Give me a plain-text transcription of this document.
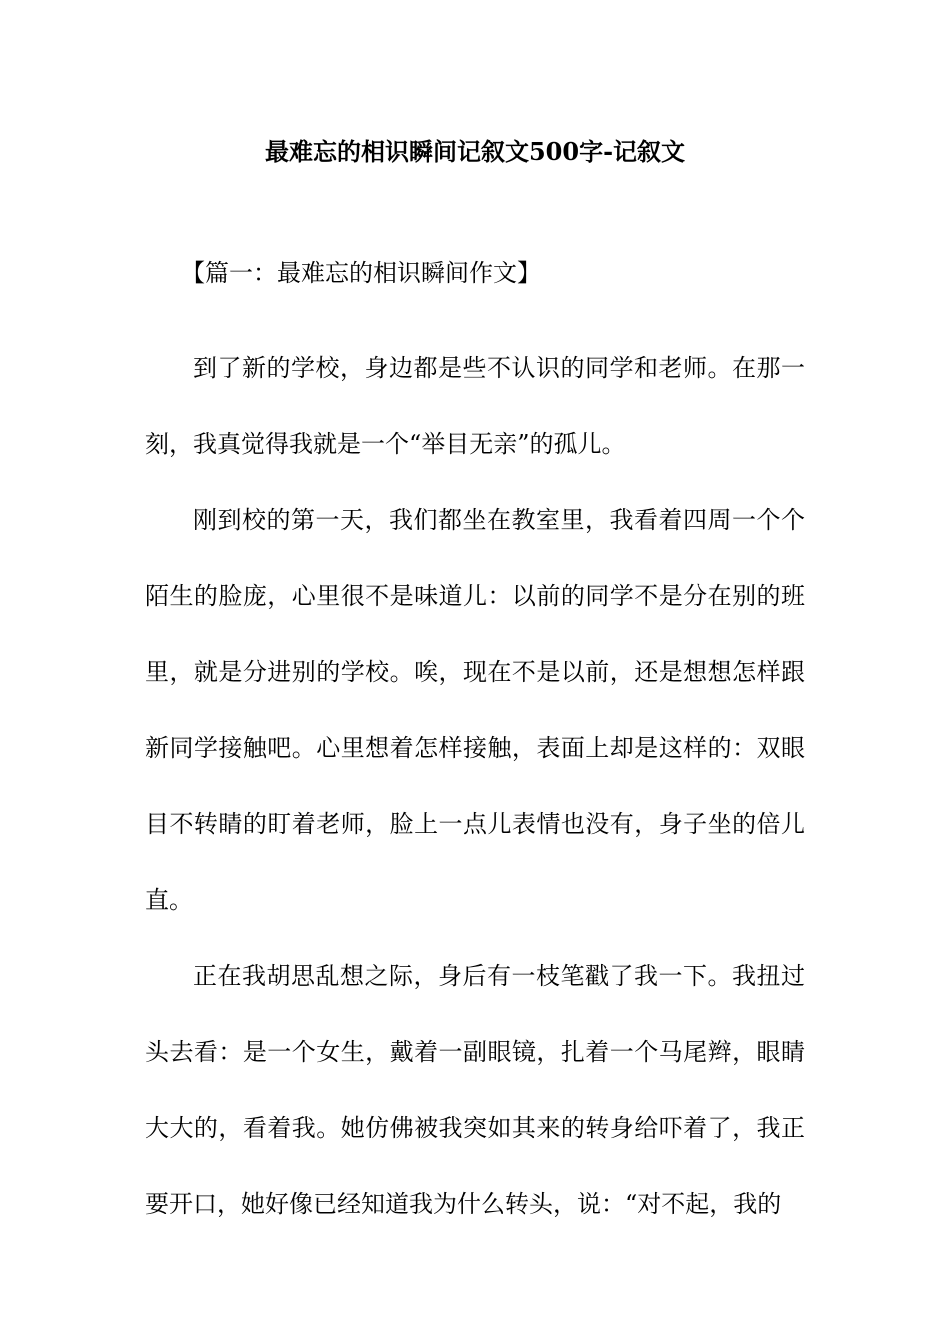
最难忘的相识瞬间记叙文500字-记叙文
【篇一：最难忘的相识瞬间作文】

到了新的学校，身边都是些不认识的同学和老师。在那一刻，我真觉得我就是一个“举目无亲”的孤儿。

刚到校的第一天，我们都坐在教室里，我看着四周一个个陌生的脸庞，心里很不是味道儿：以前的同学不是分在别的班里，就是分进别的学校。唉，现在不是以前，还是想想怎样跟新同学接触吧。心里想着怎样接触，表面上却是这样的：双眼目不转睛的盯着老师，脸上一点儿表情也没有，身子坐的倍儿直。

正在我胡思乱想之际，身后有一枝笔戳了我一下。我扭过头去看：是一个女生，戴着一副眼镜，扎着一个马尾辫，眼睛大大的，看着我。她仿佛被我突如其来的转身给吓着了，我正要开口，她好像已经知道我为什么转头，说：“对不起，我的
